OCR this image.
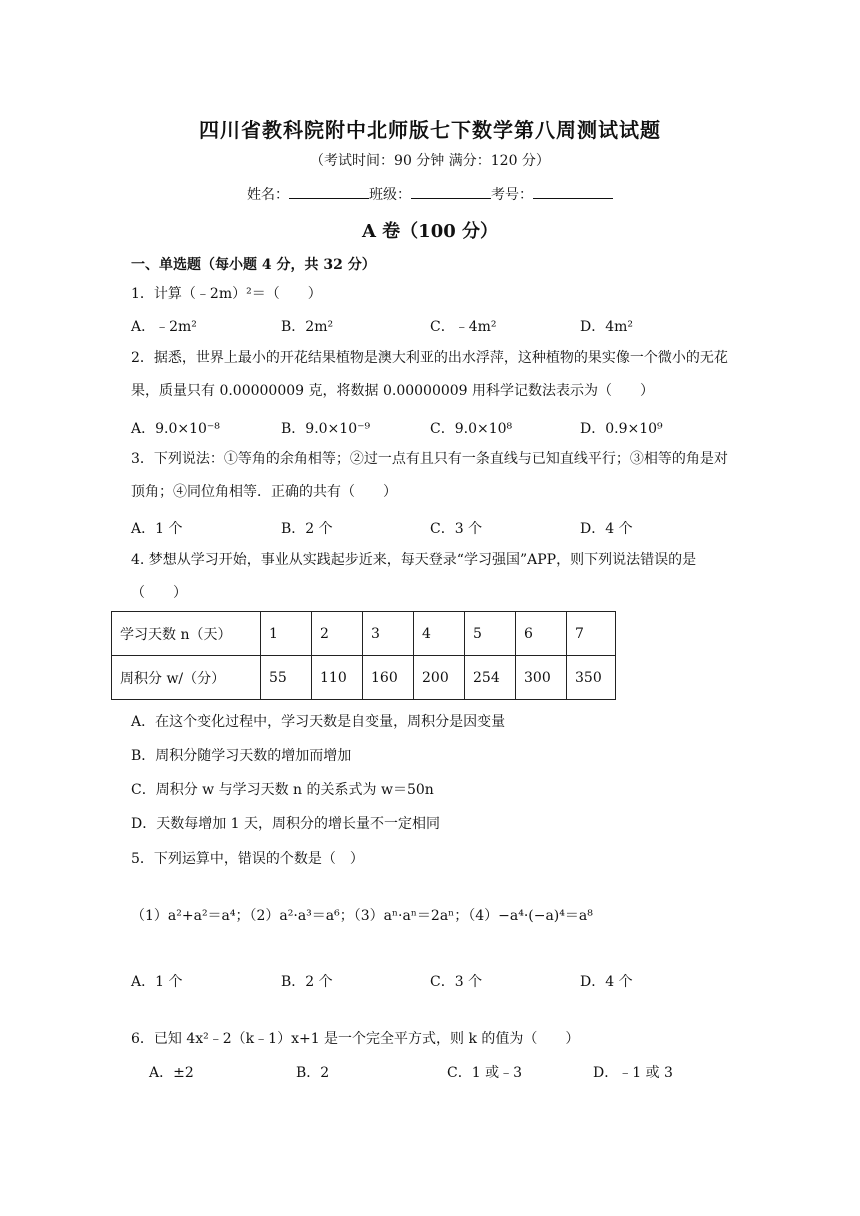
四川省教科院附中北师版七下数学第八周测试试题
（考试时间：90 分钟 满分：120 分）
姓名：	班级：	考号：
A 卷（100 分）
一、单选题（每小题 4 分，共 32 分）
1．计算（﹣2m）²＝（　　）
A．﹣2m²	B．2m²	C．﹣4m²	D．4m²
2．据悉，世界上最小的开花结果植物是澳大利亚的出水浮萍，这种植物的果实像一个微小的无花果，质量只有 0.00000009 克，将数据 0.00000009 用科学记数法表示为（　　）
A．9.0×10⁻⁸	B．9.0×10⁻⁹	C．9.0×10⁸	D．0.9×10⁹
3．下列说法：①等角的余角相等；②过一点有且只有一条直线与已知直线平行；③相等的角是对顶角；④同位角相等．正确的共有（　　）
A．1 个	B．2 个	C．3 个	D．4 个
4. 梦想从学习开始，事业从实践起步近来，每天登录“学习强国”APP，则下列说法错误的是（　　）
学习天数 n（天）	1	2	3	4	5	6	7
周积分 w/（分）	55	110	160	200	254	300	350
A．在这个变化过程中，学习天数是自变量，周积分是因变量
B．周积分随学习天数的增加而增加
C．周积分 w 与学习天数 n 的关系式为 w＝50n
D．天数每增加 1 天，周积分的增长量不一定相同
5．下列运算中，错误的个数是（　）
（1）a²+a²＝a⁴；（2）a²·a³＝a⁶；（3）aⁿ·aⁿ＝2aⁿ；（4）−a⁴·(−a)⁴＝a⁸
A．1 个	B．2 个	C．3 个	D．4 个
6．已知 4x²﹣2（k﹣1）x+1 是一个完全平方式，则 k 的值为（　　）
A．±2	B．2	C．1 或﹣3	D．﹣1 或 3
